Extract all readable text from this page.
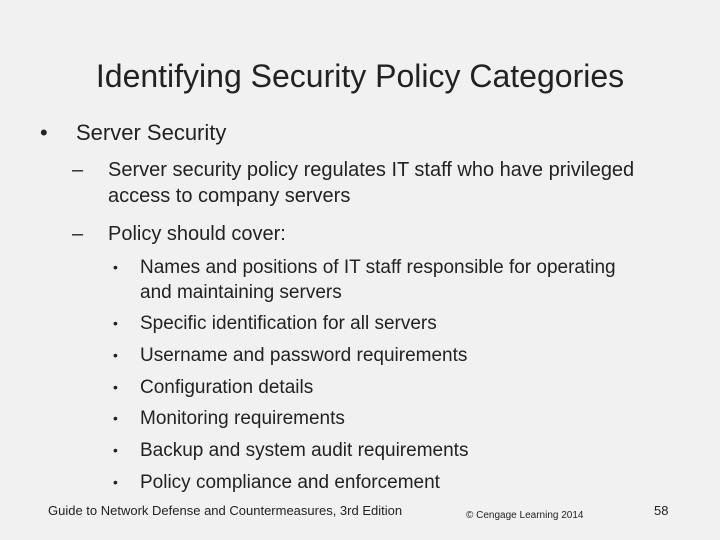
Identifying Security Policy Categories
• Server Security
– Server security policy regulates IT staff who have privileged access to company servers
– Policy should cover:
• Names and positions of IT staff responsible for operating and maintaining servers
• Specific identification for all servers
• Username and password requirements
• Configuration details
• Monitoring requirements
• Backup and system audit requirements
• Policy compliance and enforcement
Guide to Network Defense and Countermeasures, 3rd Edition	© Cengage Learning 2014	58
